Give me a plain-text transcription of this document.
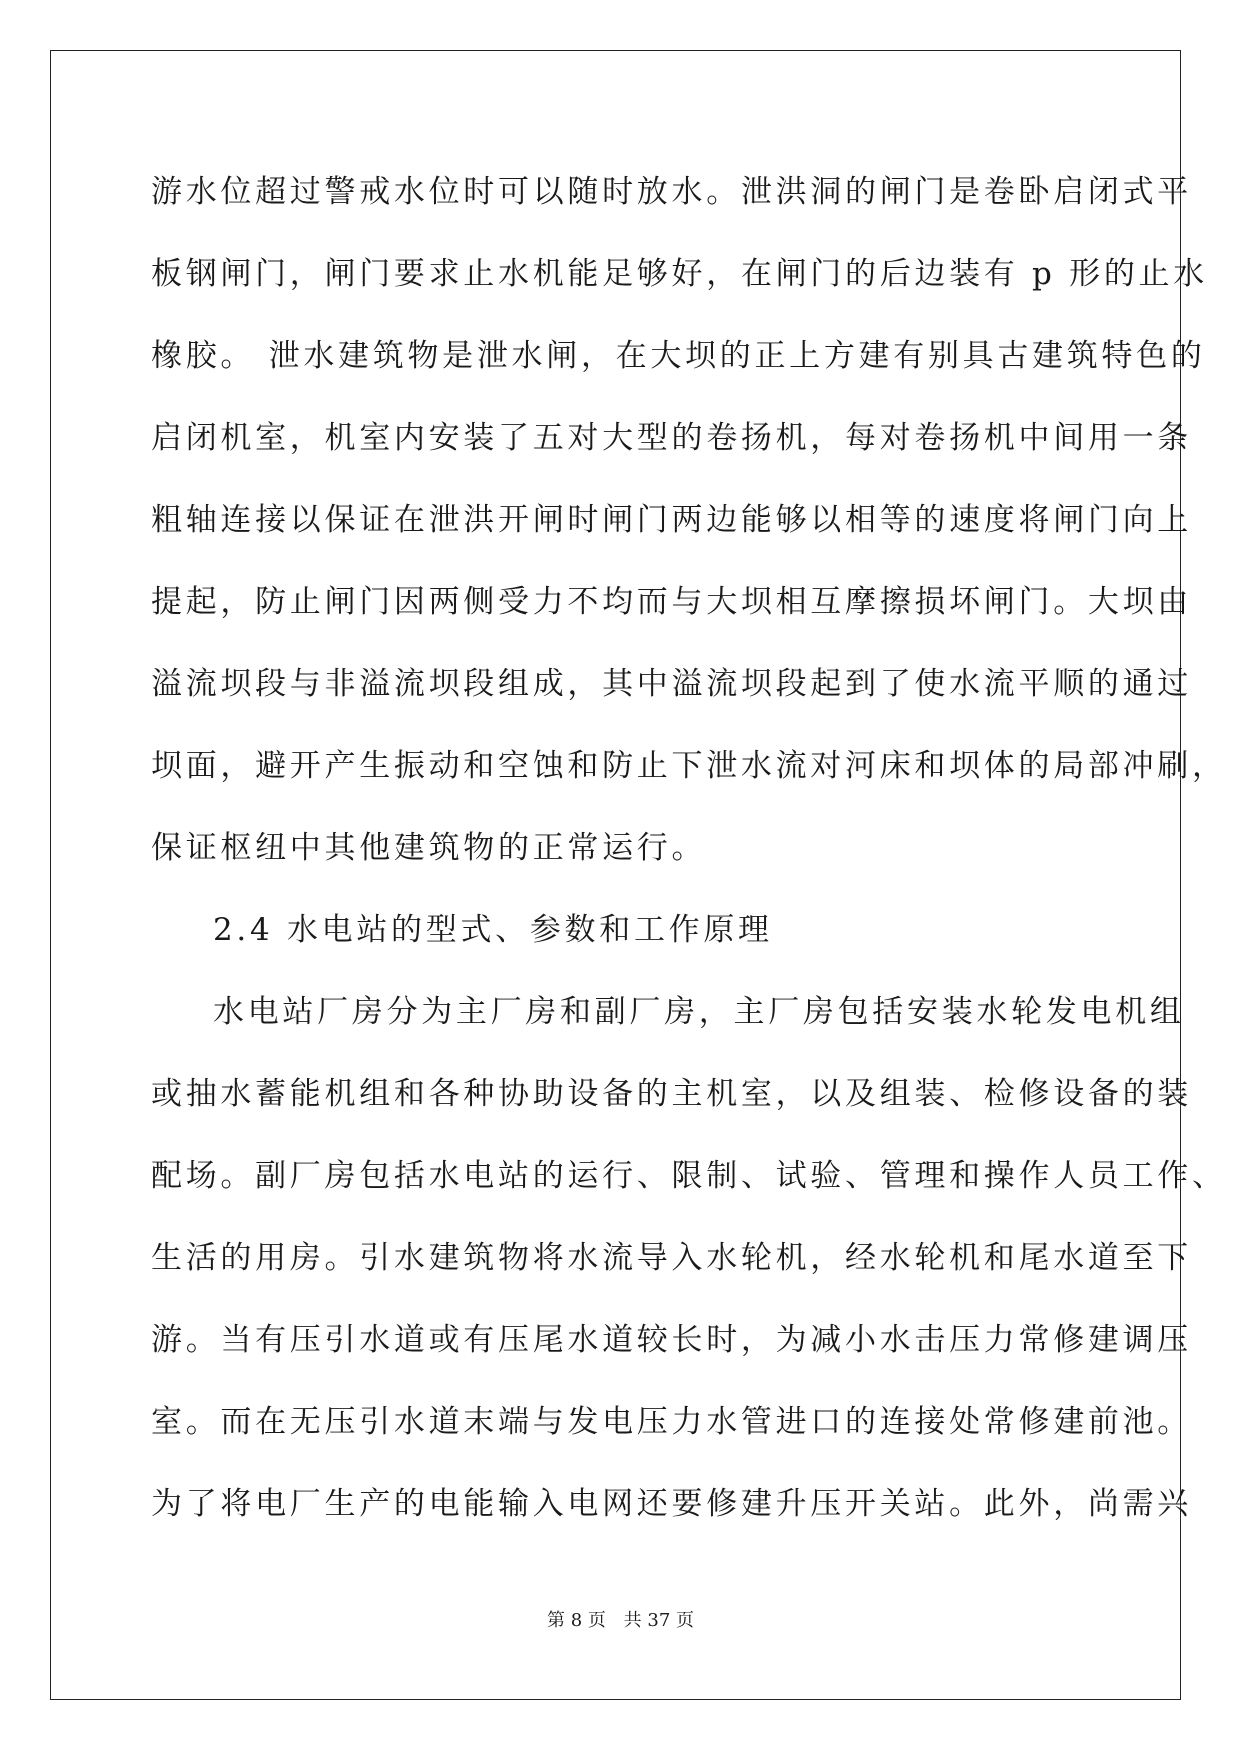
游水位超过警戒水位时可以随时放水。泄洪洞的闸门是卷卧启闭式平
板钢闸门，闸门要求止水机能足够好，在闸门的后边装有 p 形的止水
橡胶。 泄水建筑物是泄水闸，在大坝的正上方建有别具古建筑特色的
启闭机室，机室内安装了五对大型的卷扬机，每对卷扬机中间用一条
粗轴连接以保证在泄洪开闸时闸门两边能够以相等的速度将闸门向上
提起，防止闸门因两侧受力不均而与大坝相互摩擦损坏闸门。大坝由
溢流坝段与非溢流坝段组成，其中溢流坝段起到了使水流平顺的通过
坝面，避开产生振动和空蚀和防止下泄水流对河床和坝体的局部冲刷，
保证枢纽中其他建筑物的正常运行。
2.4 水电站的型式、参数和工作原理
水电站厂房分为主厂房和副厂房，主厂房包括安装水轮发电机组
或抽水蓄能机组和各种协助设备的主机室，以及组装、检修设备的装
配场。副厂房包括水电站的运行、限制、试验、管理和操作人员工作、
生活的用房。引水建筑物将水流导入水轮机，经水轮机和尾水道至下
游。当有压引水道或有压尾水道较长时，为减小水击压力常修建调压
室。而在无压引水道末端与发电压力水管进口的连接处常修建前池。
为了将电厂生产的电能输入电网还要修建升压开关站。此外，尚需兴
第 8 页 共 37 页
